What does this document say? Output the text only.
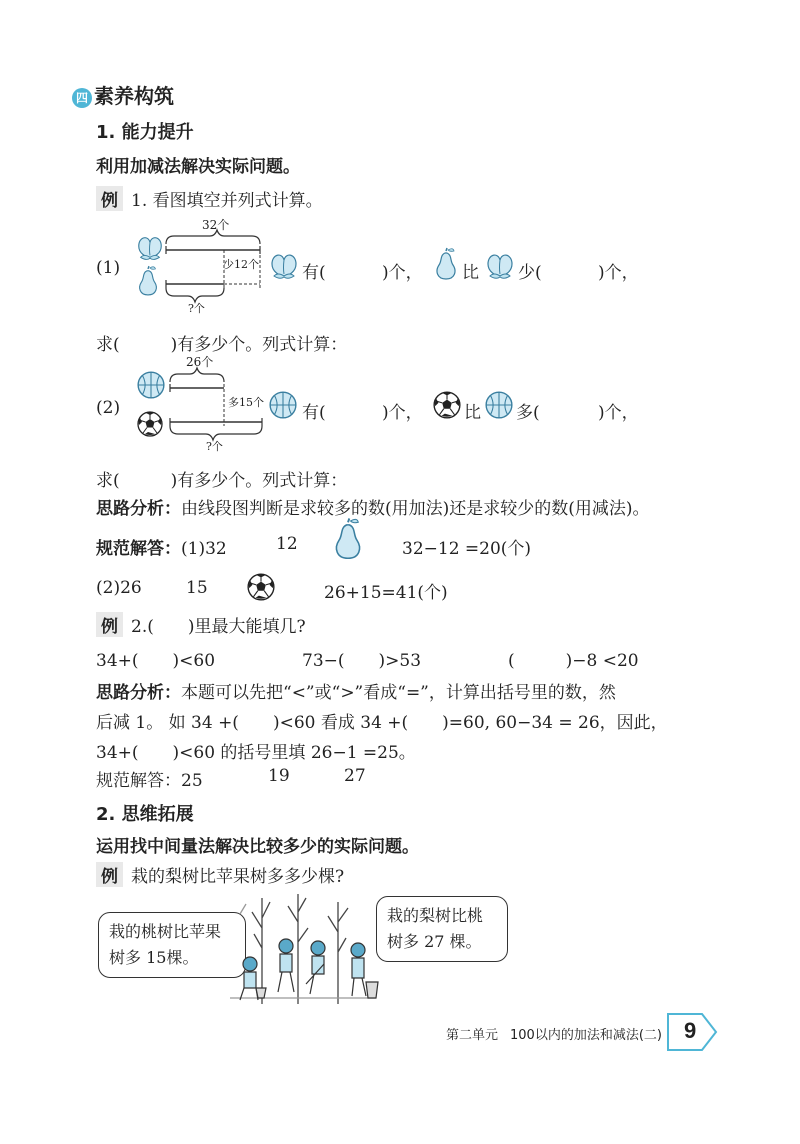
四 素养构筑
1. 能力提升
利用加减法解决实际问题。
例 1. 看图填空并列式计算。
(1)
32个
少12个
?个
有(	)个， 比 少(	)个，
求(　　　)有多少个。列式计算：
(2)
26个
多15个
?个
有(	)个， 比 多(	)个，
求(　　　)有多少个。列式计算：
思路分析：由线段图判断是求较多的数(用加法)还是求较少的数(用减法)。
规范解答：(1)32	12	32−12 =20(个)
(2)26	15	26+15=41(个)
例 2.(　　)里最大能填几?
34+(　　)<60	73−(　　)>53	(　　　)−8 <20
思路分析：本题可以先把“<”或“>”看成“=”，计算出括号里的数，然
后减 1。 如 34 +(　　)<60 看成 34 +(　　)=60, 60−34 = 26，因此，
34+(　　)<60 的括号里填 26−1 =25。
规范解答：25	19	27
2. 思维拓展
运用找中间量法解决比较多少的实际问题。
例 栽的梨树比苹果树多多少棵?
栽的桃树比苹果树多 15棵。
栽的梨树比桃树多 27 棵。
第二单元 100以内的加法和减法(二) 9
